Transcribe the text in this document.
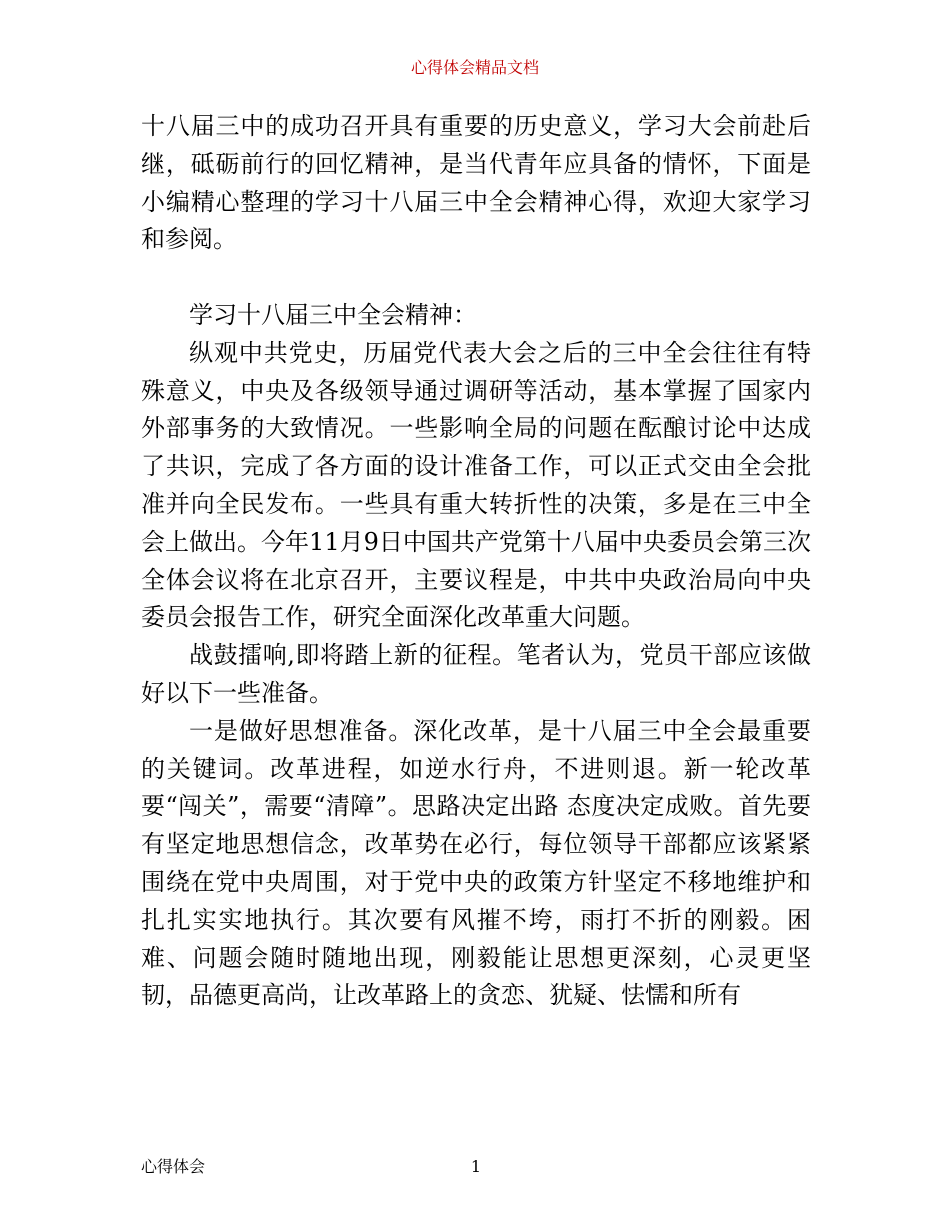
心得体会精品文档

十八届三中的成功召开具有重要的历史意义，学习大会前赴后继，砥砺前行的回忆精神，是当代青年应具备的情怀，下面是小编精心整理的学习十八届三中全会精神心得，欢迎大家学习和参阅。

学习十八届三中全会精神：

纵观中共党史，历届党代表大会之后的三中全会往往有特殊意义，中央及各级领导通过调研等活动，基本掌握了国家内外部事务的大致情况。一些影响全局的问题在酝酿讨论中达成了共识，完成了各方面的设计准备工作，可以正式交由全会批准并向全民发布。一些具有重大转折性的决策，多是在三中全会上做出。今年11月9日中国共产党第十八届中央委员会第三次全体会议将在北京召开，主要议程是，中共中央政治局向中央委员会报告工作，研究全面深化改革重大问题。

战鼓擂响,即将踏上新的征程。笔者认为，党员干部应该做好以下一些准备。

一是做好思想准备。深化改革，是十八届三中全会最重要的关键词。改革进程，如逆水行舟，不进则退。新一轮改革要“闯关”，需要“清障”。思路决定出路 态度决定成败。首先要有坚定地思想信念，改革势在必行，每位领导干部都应该紧紧围绕在党中央周围，对于党中央的政策方针坚定不移地维护和扎扎实实地执行。其次要有风摧不垮，雨打不折的刚毅。困难、问题会随时随地出现，刚毅能让思想更深刻，心灵更坚韧，品德更高尚，让改革路上的贪恋、犹疑、怯懦和所有

心得体会	1
